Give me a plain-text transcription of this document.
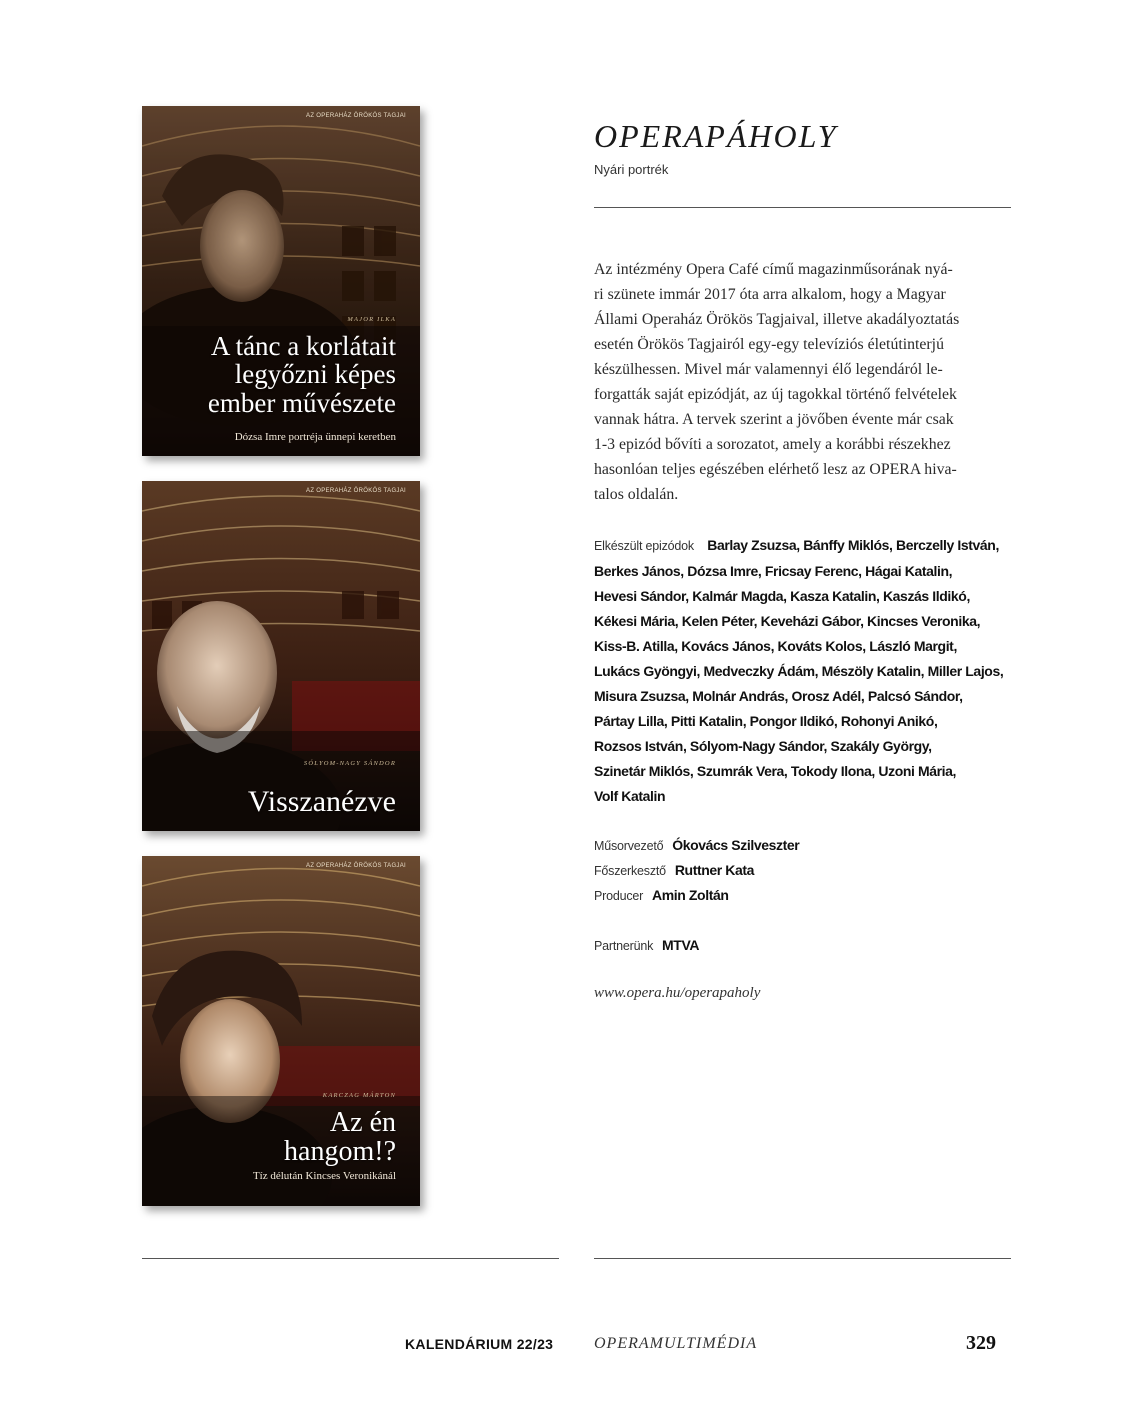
AZ OPERAHÁZ ÖRÖKÖS TAGJAI
MAJOR ILKA
A tánc a korlátait
legyőzni képes
ember művészete
Dózsa Imre portréja ünnepi keretben
AZ OPERAHÁZ ÖRÖKÖS TAGJAI
SÓLYOM-NAGY SÁNDOR
Visszanézve
AZ OPERAHÁZ ÖRÖKÖS TAGJAI
KARCZAG MÁRTON
Az én
hangom!?
Tíz délután Kincses Veronikánál
OPERAPÁHOLY
Nyári portrék
Az intézmény Opera Café című magazinműsorának nyá-
ri szünete immár 2017 óta arra alkalom, hogy a Magyar
Állami Operaház Örökös Tagjaival, illetve akadályoztatás
esetén Örökös Tagjairól egy-egy televíziós életútinterjú
készülhessen. Mivel már valamennyi élő legendáról le-
forgatták saját epizódját, az új tagokkal történő felvételek
vannak hátra. A tervek szerint a jövőben évente már csak
1-3 epizód bővíti a sorozatot, amely a korábbi részekhez
hasonlóan teljes egészében elérhető lesz az OPERA hiva-
talos oldalán.
Elkészült epizódok Barlay Zsuzsa, Bánffy Miklós, Berczelly István,
Berkes János, Dózsa Imre, Fricsay Ferenc, Hágai Katalin,
Hevesi Sándor, Kalmár Magda, Kasza Katalin, Kaszás Ildikó,
Kékesi Mária, Kelen Péter, Keveházi Gábor, Kincses Veronika,
Kiss-B. Atilla, Kovács János, Kováts Kolos, László Margit,
Lukács Gyöngyi, Medveczky Ádám, Mészöly Katalin, Miller Lajos,
Misura Zsuzsa, Molnár András, Orosz Adél, Palcsó Sándor,
Pártay Lilla, Pitti Katalin, Pongor Ildikó, Rohonyi Anikó,
Rozsos István, Sólyom-Nagy Sándor, Szakály György,
Szinetár Miklós, Szumrák Vera, Tokody Ilona, Uzoni Mária,
Volf Katalin
Műsorvezető Ókovács Szilveszter
Főszerkesztő Ruttner Kata
Producer Amin Zoltán
Partnerünk MTVA
www.opera.hu/operapaholy
KALENDÁRIUM 22/23	OPERAMULTIMÉDIA	329
